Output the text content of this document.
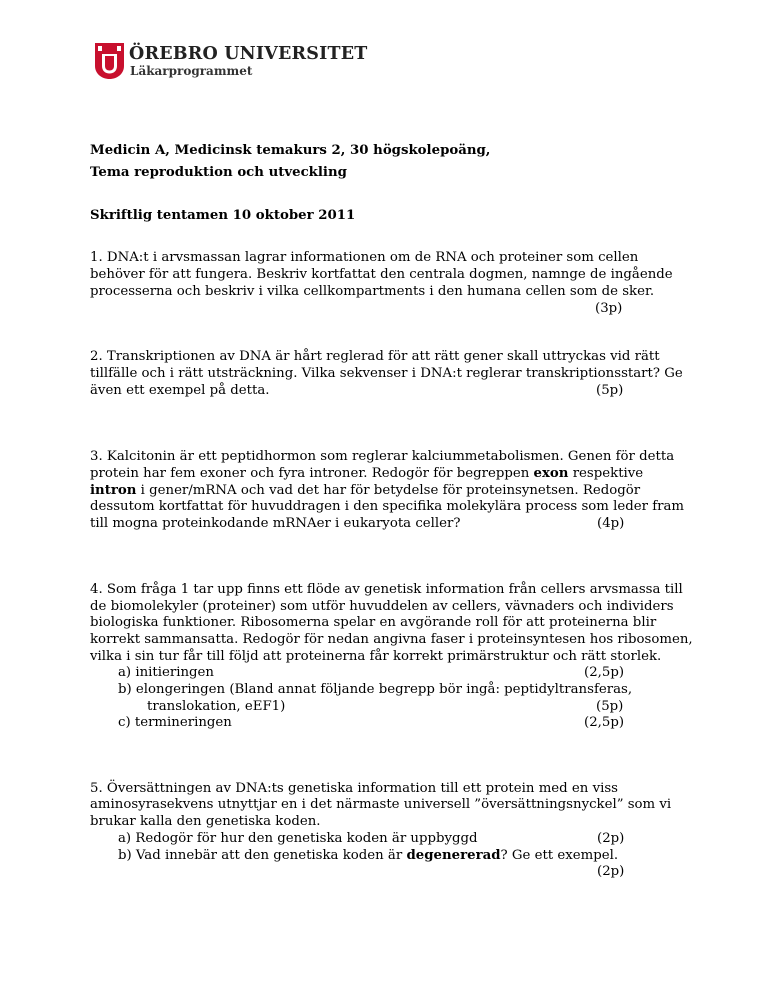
ÖREBRO UNIVERSITET
Läkarprogrammet
Medicin A, Medicinsk temakurs 2, 30 högskolepoäng,
Tema reproduktion och utveckling
Skriftlig tentamen 10 oktober 2011
1. DNA:t i arvsmassan lagrar informationen om de RNA och proteiner som cellen
behöver för att fungera. Beskriv kortfattat den centrala dogmen, namnge de ingående
processerna och beskriv i vilka cellkompartments i den humana cellen som de sker.
(3p)
2. Transkriptionen av DNA är hårt reglerad för att rätt gener skall uttryckas vid rätt
tillfälle och i rätt utsträckning. Vilka sekvenser i DNA:t reglerar transkriptionsstart? Ge
även ett exempel på detta.	(5p)
3. Kalcitonin är ett peptidhormon som reglerar kalciummetabolismen. Genen för detta
protein har fem exoner och fyra introner. Redogör för begreppen exon respektive
intron i gener/mRNA och vad det har för betydelse för proteinsynetsen. Redogör
dessutom kortfattat för huvuddragen i den specifika molekylära process som leder fram
till mogna proteinkodande mRNAer i eukaryota celler?	(4p)
4. Som fråga 1 tar upp finns ett flöde av genetisk information från cellers arvsmassa till
de biomolekyler (proteiner) som utför huvuddelen av cellers, vävnaders och individers
biologiska funktioner. Ribosomerna spelar en avgörande roll för att proteinerna blir
korrekt sammansatta. Redogör för nedan angivna faser i proteinsyntesen hos ribosomen,
vilka i sin tur får till följd att proteinerna får korrekt primärstruktur och rätt storlek.
a) initieringen	(2,5p)
b) elongeringen (Bland annat följande begrepp bör ingå: peptidyltransferas,
translokation, eEF1)	(5p)
c) termineringen	(2,5p)
5. Översättningen av DNA:ts genetiska information till ett protein med en viss
aminosyrasekvens utnyttjar en i det närmaste universell ”översättningsnyckel” som vi
brukar kalla den genetiska koden.
a) Redogör för hur den genetiska koden är uppbyggd	(2p)
b) Vad innebär att den genetiska koden är degenererad? Ge ett exempel.
(2p)
